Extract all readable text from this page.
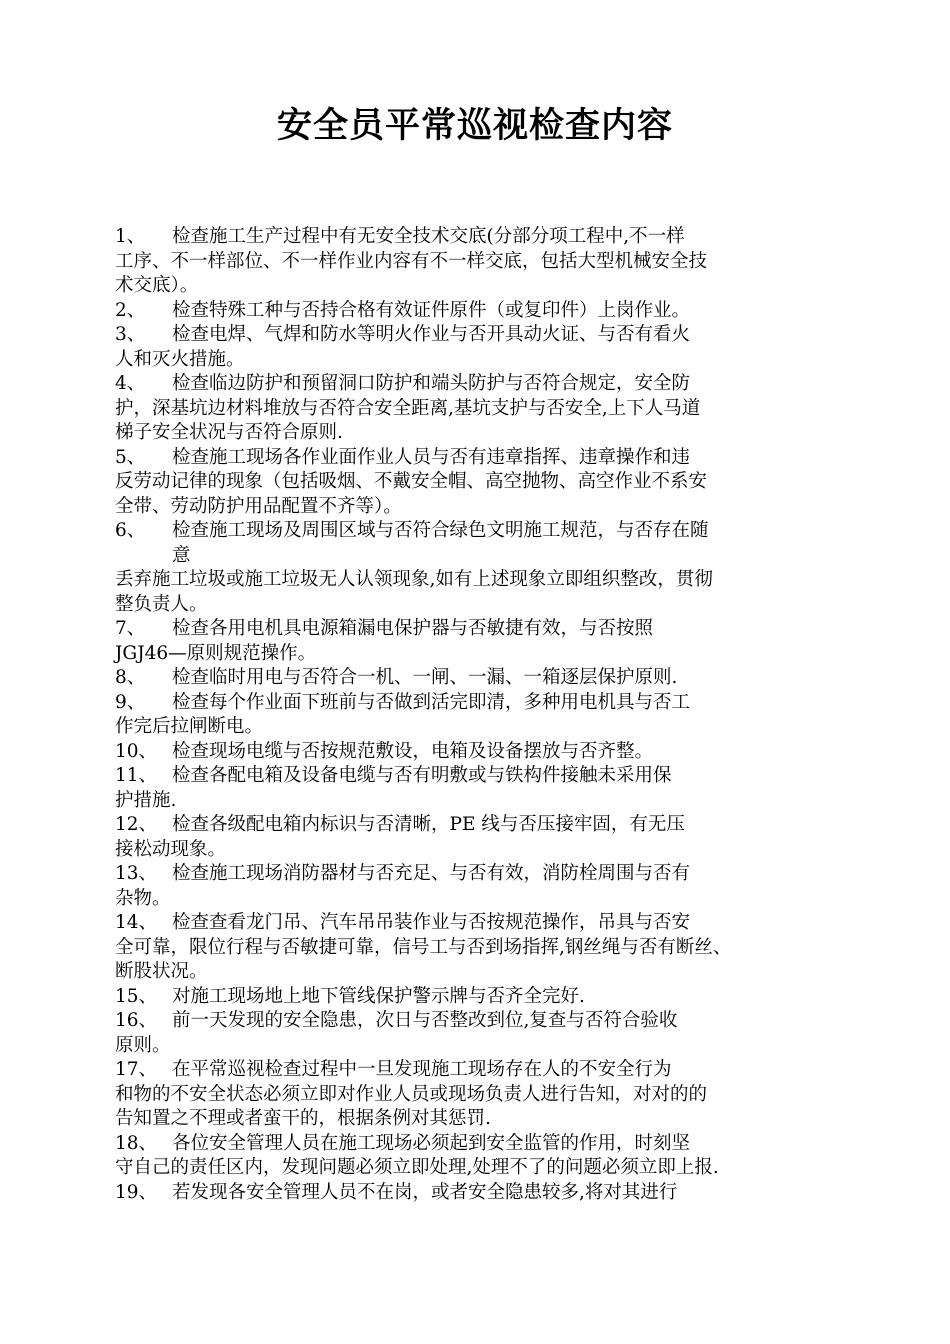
安全员平常巡视检查内容
1、 检查施工生产过程中有无安全技术交底(分部分项工程中,不一样
工序、不一样部位、不一样作业内容有不一样交底，包括大型机械安全技
术交底）。
2、 检查特殊工种与否持合格有效证件原件（或复印件）上岗作业。
3、 检查电焊、气焊和防水等明火作业与否开具动火证、与否有看火
人和灭火措施。
4、 检查临边防护和预留洞口防护和端头防护与否符合规定，安全防
护，深基坑边材料堆放与否符合安全距离,基坑支护与否安全,上下人马道
梯子安全状况与否符合原则.
5、 检查施工现场各作业面作业人员与否有违章指挥、违章操作和违
反劳动记律的现象（包括吸烟、不戴安全帽、高空抛物、高空作业不系安
全带、劳动防护用品配置不齐等）。
6、 检查施工现场及周围区域与否符合绿色文明施工规范，与否存在随
意
丢弃施工垃圾或施工垃圾无人认领现象,如有上述现象立即组织整改，贯彻
整负责人。
7、 检查各用电机具电源箱漏电保护器与否敏捷有效，与否按照
JGJ46—原则规范操作。
8、 检查临时用电与否符合一机、一闸、一漏、一箱逐层保护原则.
9、 检查每个作业面下班前与否做到活完即清，多种用电机具与否工
作完后拉闸断电。
10、 检查现场电缆与否按规范敷设，电箱及设备摆放与否齐整。
11、 检查各配电箱及设备电缆与否有明敷或与铁构件接触未采用保
护措施.
12、 检查各级配电箱内标识与否清晰，PE 线与否压接牢固，有无压
接松动现象。
13、 检查施工现场消防器材与否充足、与否有效，消防栓周围与否有
杂物。
14、 检查查看龙门吊、汽车吊吊装作业与否按规范操作，吊具与否安
全可靠，限位行程与否敏捷可靠，信号工与否到场指挥,钢丝绳与否有断丝、
断股状况。
15、 对施工现场地上地下管线保护警示牌与否齐全完好.
16、 前一天发现的安全隐患，次日与否整改到位,复查与否符合验收
原则。
17、 在平常巡视检查过程中一旦发现施工现场存在人的不安全行为
和物的不安全状态必须立即对作业人员或现场负责人进行告知，对对的的
告知置之不理或者蛮干的，根据条例对其惩罚.
18、 各位安全管理人员在施工现场必须起到安全监管的作用，时刻坚
守自己的责任区内，发现问题必须立即处理,处理不了的问题必须立即上报.
19、 若发现各安全管理人员不在岗，或者安全隐患较多,将对其进行
